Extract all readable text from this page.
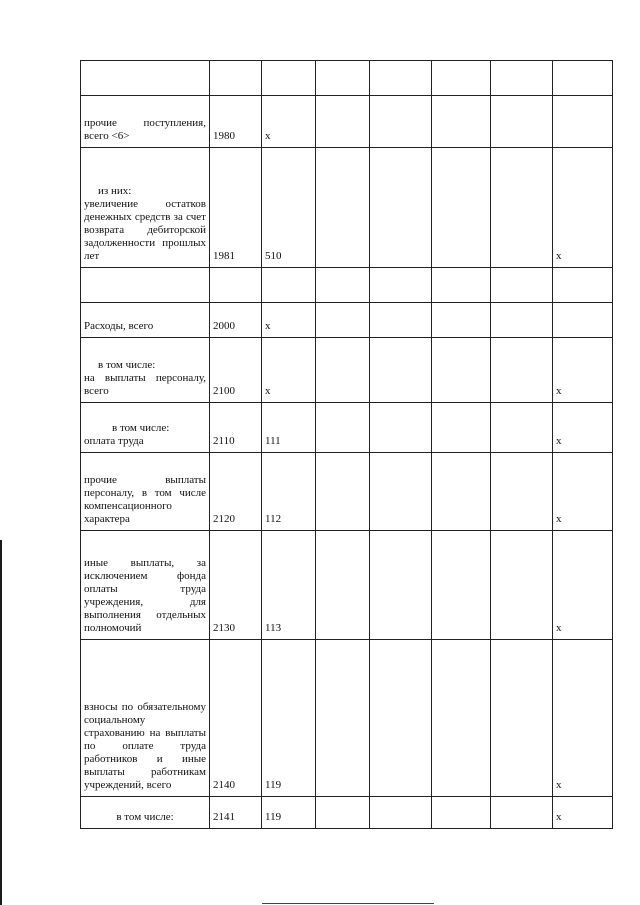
прочие поступления, всего <6>	1980	x					

из них:
увеличение остатков денежных средств за счет возврата дебиторской задолженности прошлых лет	1981	510					x

Расходы, всего	2000	x					

в том числе:
на выплаты персоналу, всего	2100	x					x

в том числе:
оплата труда	2110	111					x
прочие выплаты персоналу, в том числе компенсационного характера	2120	112					x
иные выплаты, за исключением фонда оплаты труда учреждения, для выполнения отдельных полномочий	2130	113					x
взносы по обязательному социальному страхованию на выплаты по оплате труда работников и иные выплаты работникам учреждений, всего	2140	119					x
в том числе:	2141	119					x
